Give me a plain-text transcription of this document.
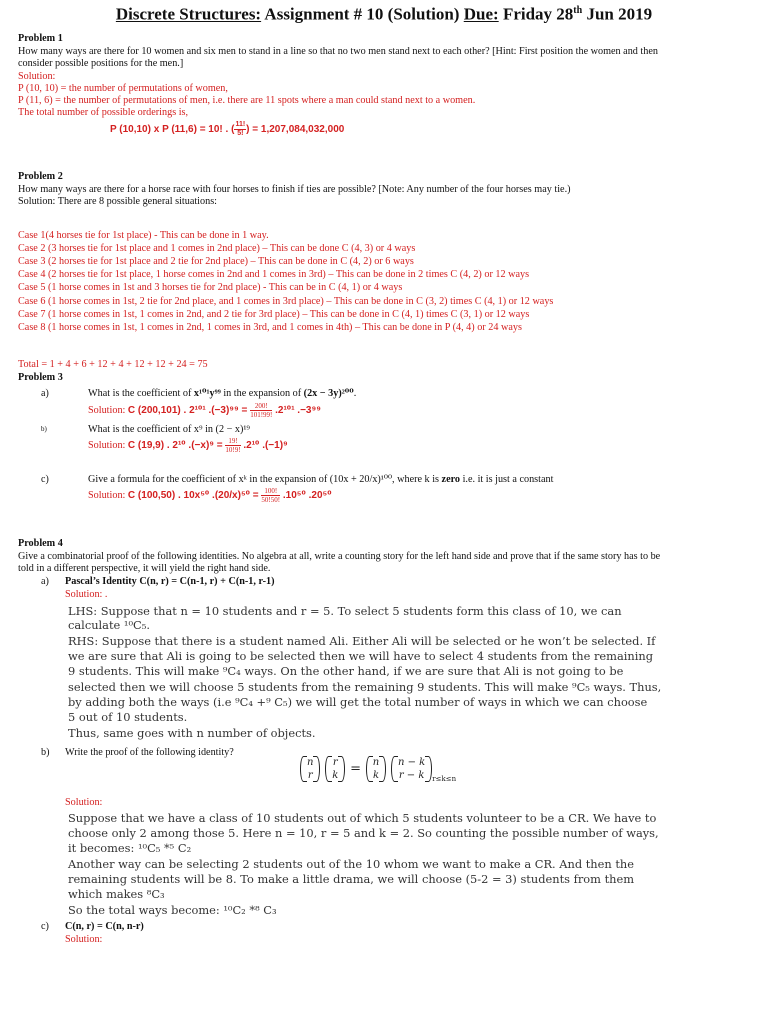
Discrete Structures: Assignment # 10 (Solution) Due: Friday 28th Jun 2019
Problem 1
How many ways are there for 10 women and six men to stand in a line so that no two men stand next to each other? [Hint: First position the women and then
consider possible positions for the men.]
Solution:
P (10, 10) = the number of permutations of women,
P (11, 6) = the number of permutations of men, i.e. there are 11 spots where a man could stand next to a women.
The total number of possible orderings is,
P (10,10) x P (11,6) = 10! . ( $\frac{11!}{5!}$ ) = 1,207,084,032,000
Problem 2
How many ways are there for a horse race with four horses to finish if ties are possible? [Note: Any number of the four horses may tie.)
Solution: There are 8 possible general situations:
Case 1(4 horses tie for 1st place) - This can be done in 1 way.
Case 2 (3 horses tie for 1st place and 1 comes in 2nd place) – This can be done C (4, 3) or 4 ways
Case 3 (2 horses tie for 1st place and 2 tie for 2nd place) – This can be done in C (4, 2) or 6 ways
Case 4 (2 horses tie for 1st place, 1 horse comes in 2nd and 1 comes in 3rd) – This can be done in 2 times C (4, 2) or 12 ways
Case 5 (1 horse comes in 1st and 3 horses tie for 2nd place) - This can be in C (4, 1) or 4 ways
Case 6 (1 horse comes in 1st, 2 tie for 2nd place, and 1 comes in 3rd place) – This can be done in C (3, 2) times C (4, 1) or 12 ways
Case 7 (1 horse comes in 1st, 1 comes in 2nd, and 2 tie for 3rd place) – This can be done in C (4, 1) times C (3, 1) or 12 ways
Case 8 (1 horse comes in 1st, 1 comes in 2nd, 1 comes in 3rd, and 1 comes in 4th) – This can be done in P (4, 4) or 24 ways
Total = 1 + 4 + 6 + 12 + 4 + 12 + 12 + 24 = 75
Problem 3
a)	What is the coefficient of x¹⁰¹y⁹⁹ in the expansion of (2x − 3y)²⁰⁰.
Solution: C (200,101) . 2¹⁰¹ $.(-3)^{99} = \frac{200!}{101!99!} .2^{101}$ .−3⁹⁹
b)	What is the coefficient of x⁹ in (2 − x)¹⁹
Solution: C (19,9) . 2¹⁰ $.(-x)^9 = \frac{19!}{10!9!} .2^{10}$ .(−1)⁹
c)	Give a formula for the coefficient of xᵏ in the expansion of (10x + 20/x)¹⁰⁰, where k is zero i.e. it is just a constant
Solution: C (100,50) . 10x⁵⁰ $.(20/x)^{50} = \frac{100!}{50!50!} .10^{50}$ .20⁵⁰
Problem 4
Give a combinatorial proof of the following identities. No algebra at all, write a counting story for the left hand side and prove that if the same story has to be
told in a different perspective, it will yield the right hand side.
a) Pascal’s Identity C(n, r) = C(n-1, r) + C(n-1, r-1)
Solution: .
LHS: Suppose that n = 10 students and r = 5. To select 5 students form this class of 10, we can
calculate ¹⁰C₅.
RHS: Suppose that there is a student named Ali. Either Ali will be selected or he won’t be selected. If
we are sure that Ali is going to be selected then we will have to select 4 students from the remaining
9 students. This will make ⁹C₄ ways. On the other hand, if we are sure that Ali is not going to be
selected then we will choose 5 students from the remaining 9 students. This will make ⁹C₅ ways. Thus,
by adding both the ways (i.e ⁹C₄ +⁹ C₅) we will get the total number of ways in which we can choose
5 out of 10 students.
Thus, same goes with n number of objects.
b) Write the proof of the following identity?
n
r r
k = n
k n − k
r − k $_{r\le k\le n}$
Solution:
Suppose that we have a class of 10 students out of which 5 students volunteer to be a CR. We have to
choose only 2 among those 5. Here n = 10, r = 5 and k = 2. So counting the possible number of ways,
it becomes: ¹⁰C₅ *⁵ C₂
Another way can be selecting 2 students out of the 10 whom we want to make a CR. And then the
remaining students will be 8. To make a little drama, we will choose (5-2 = 3) students from them
which makes ⁸C₃
So the total ways become: ¹⁰C₂ *⁸ C₃
c) C(n, r) = C(n, n-r)
Solution:
